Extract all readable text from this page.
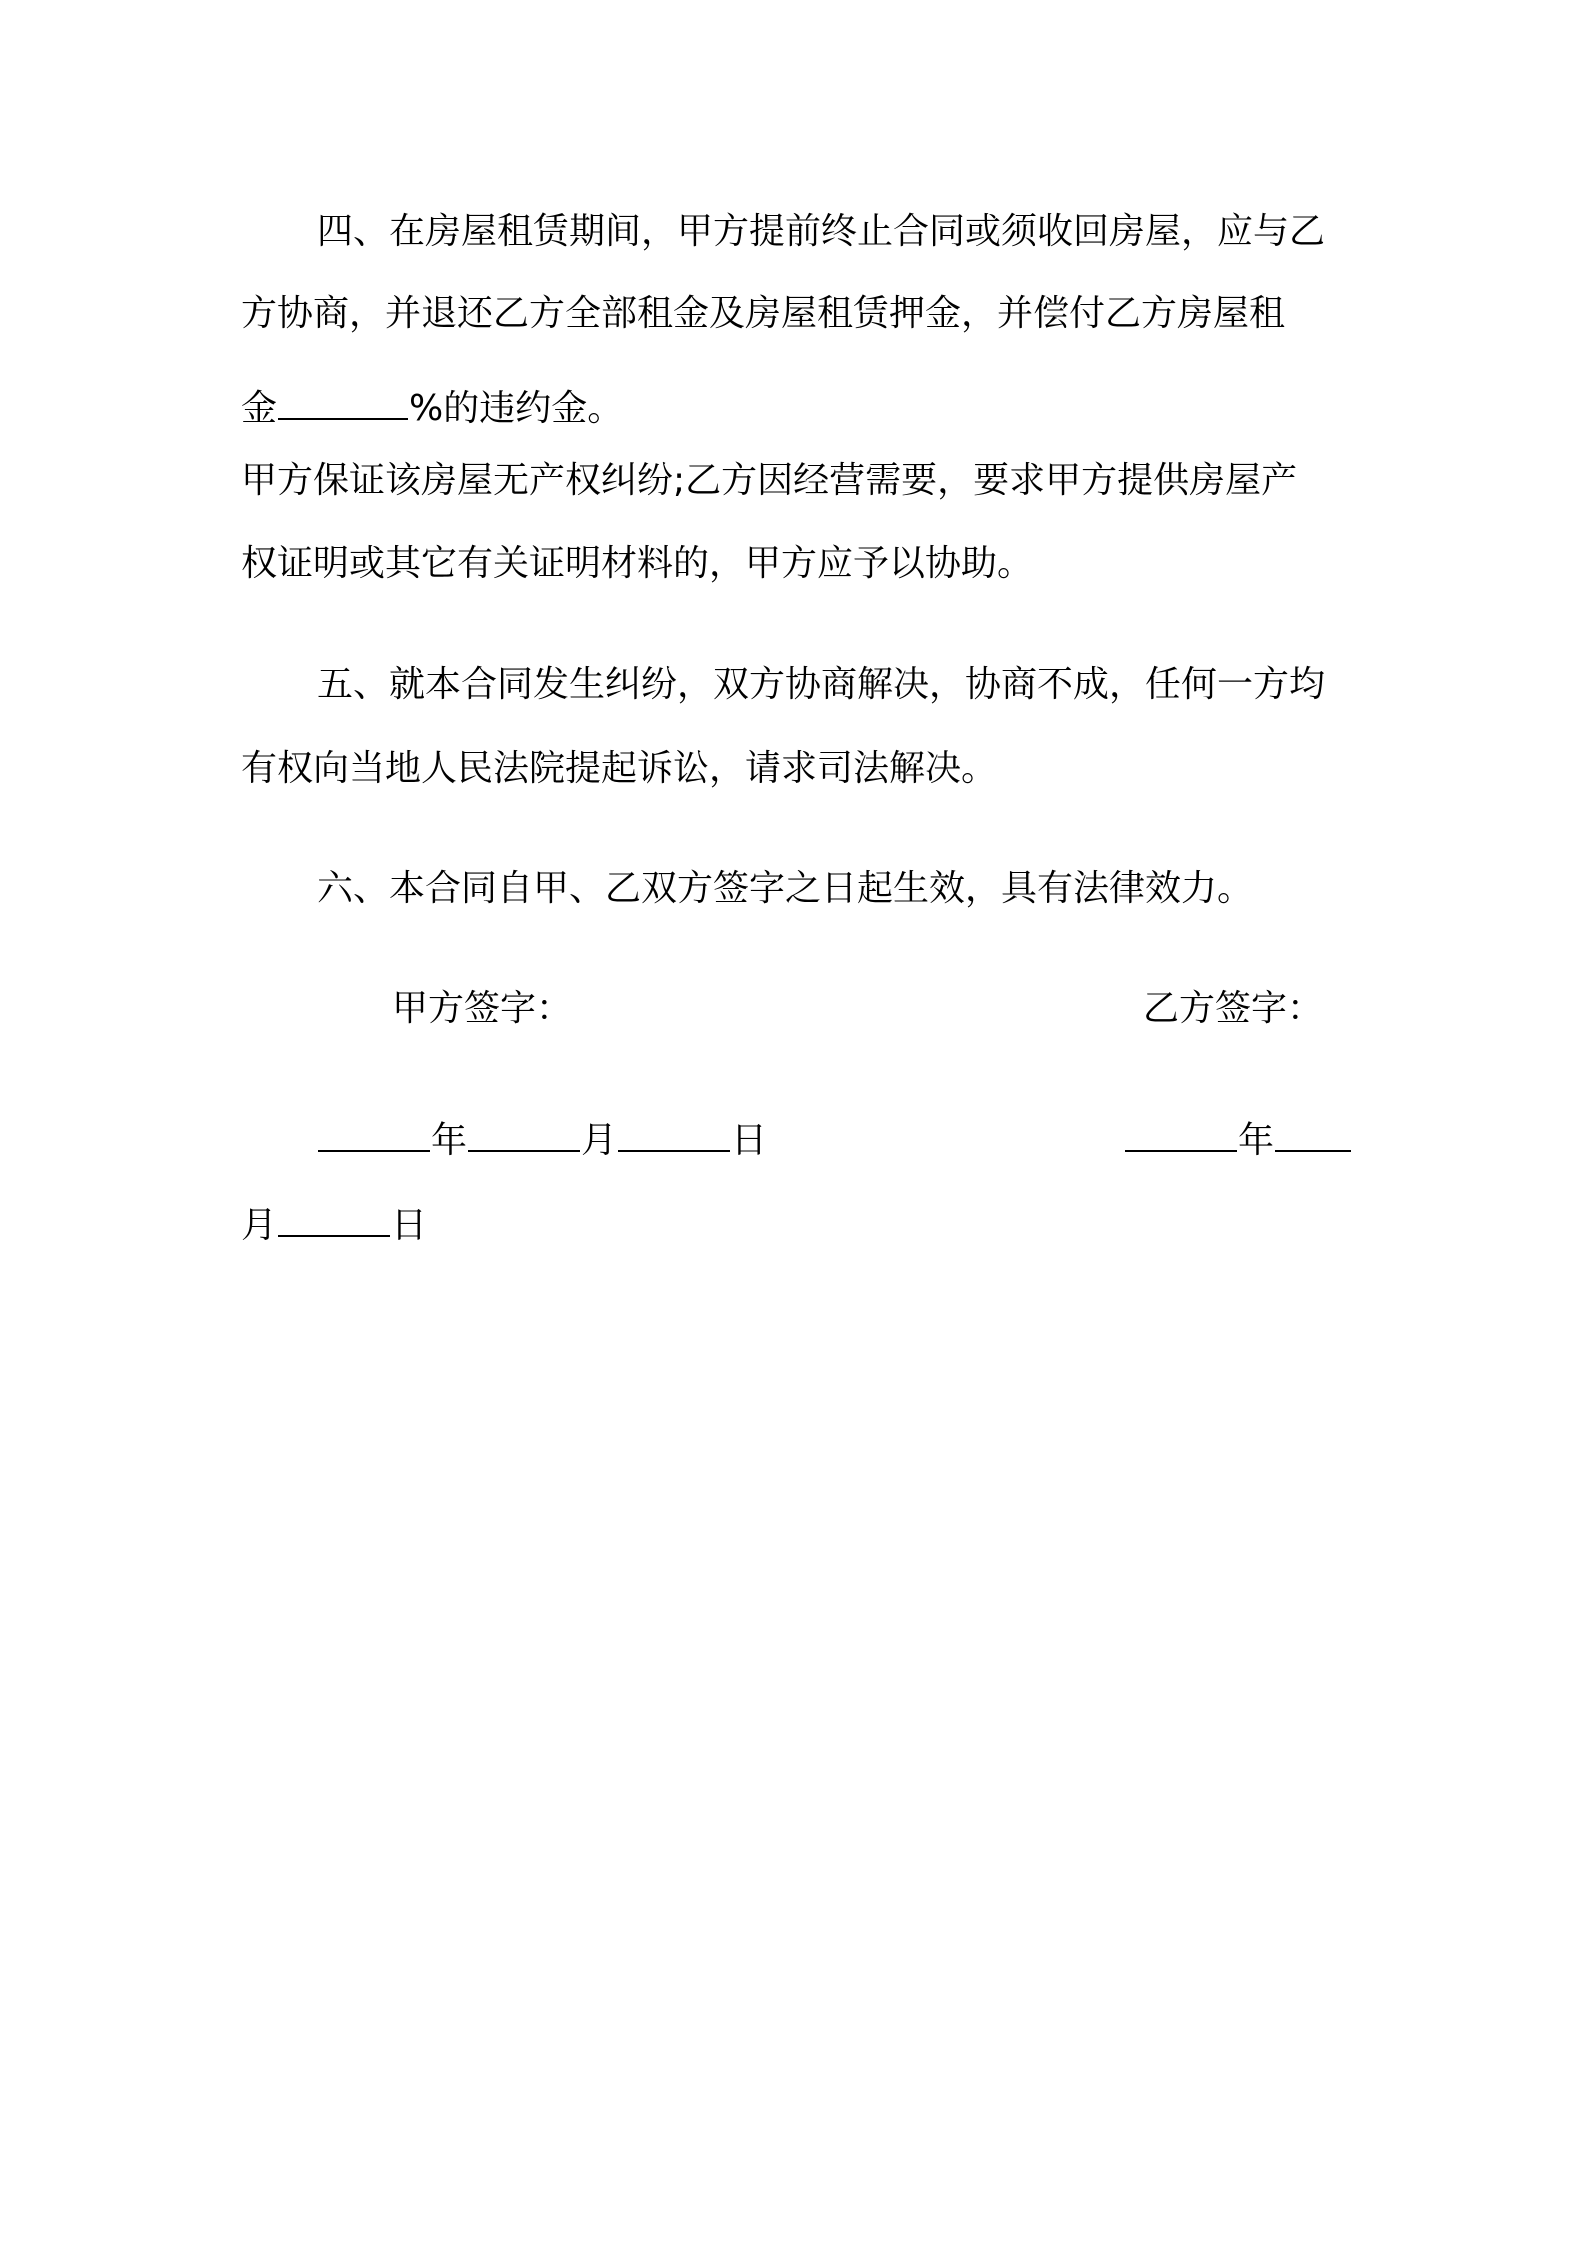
四、在房屋租赁期间，甲方提前终止合同或须收回房屋，应与乙
方协商，并退还乙方全部租金及房屋租赁押金，并偿付乙方房屋租
金	%的违约金。
甲方保证该房屋无产权纠纷;乙方因经营需要，要求甲方提供房屋产
权证明或其它有关证明材料的，甲方应予以协助。
五、就本合同发生纠纷，双方协商解决，协商不成，任何一方均
有权向当地人民法院提起诉讼，请求司法解决。
六、本合同自甲、乙双方签字之日起生效，具有法律效力。
甲方签字：	乙方签字：
年	月	日	年
月	日
